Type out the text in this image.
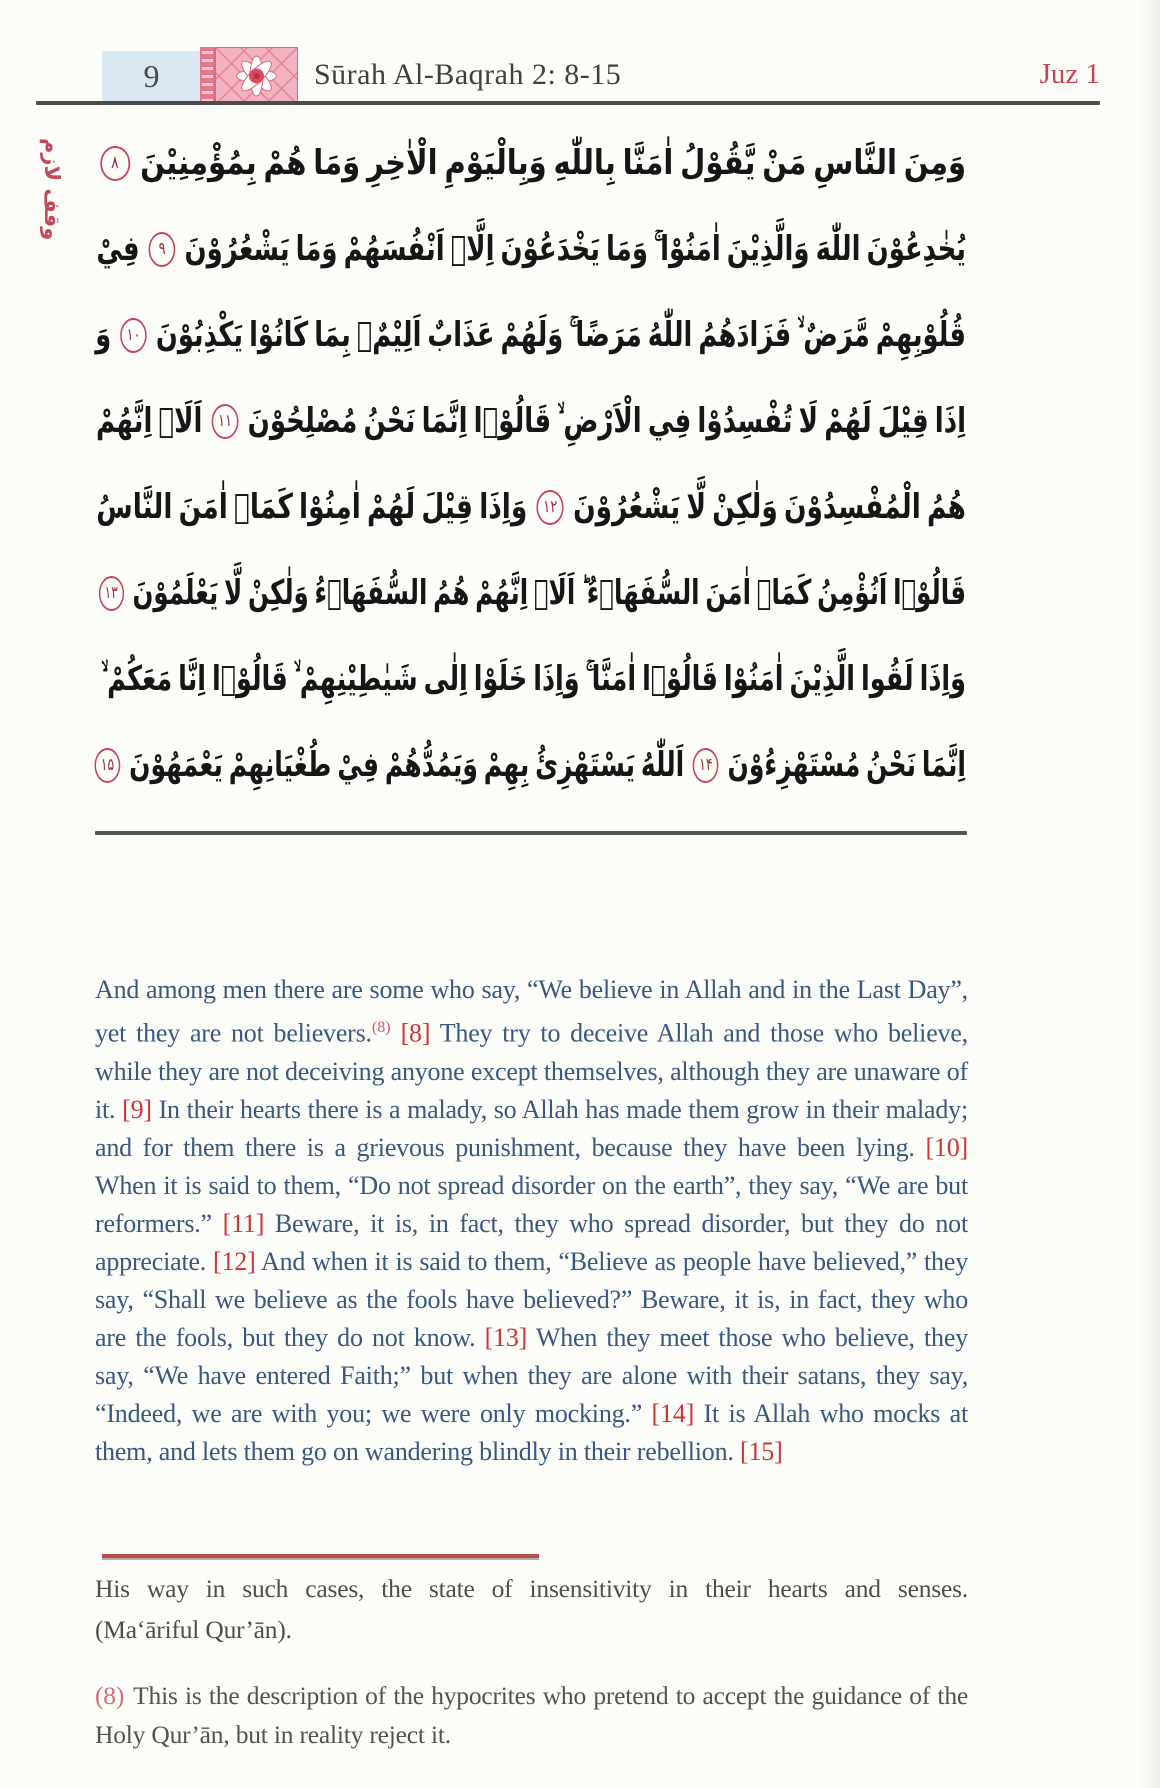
9	Sūrah Al-Baqrah 2: 8-15	Juz 1
وقف لازم	وَمِنَ
النَّاسِ
مَنْ
يَّقُوْلُ
اٰمَنَّا
بِاللّٰهِ
وَبِالْيَوْمِ
الْاٰخِرِ
وَمَا
هُمْ
بِمُؤْمِنِيْنَ
۸
يُخٰدِعُوْنَ
اللّٰهَ
وَالَّذِيْنَ
اٰمَنُوْا
وَمَا
يَخْدَعُوْنَ
اِلَّاۤ
اَنْفُسَهُمْ
وَمَا
يَشْعُرُوْنَ
۹
فِيْ
قُلُوْبِهِمْ
مَّرَضٌ
فَزَادَهُمُ
اللّٰهُ
مَرَضًا
وَلَهُمْ
عَذَابٌ
اَلِيْمٌۢ
بِمَا
كَانُوْا
يَكْذِبُوْنَ
۱۰
وَ
اِذَا
قِيْلَ
لَهُمْ
لَا
تُفْسِدُوْا
فِي
الْاَرْضِ
قَالُوْۤا
اِنَّمَا
نَحْنُ
مُصْلِحُوْنَ
۱۱
اَلَاۤ
اِنَّهُمْ
هُمُ
الْمُفْسِدُوْنَ
وَلٰكِنْ
لَّا
يَشْعُرُوْنَ
۱۲
وَاِذَا
قِيْلَ
لَهُمْ
اٰمِنُوْا
كَمَاۤ
اٰمَنَ
النَّاسُ
قَالُوْۤا
اَنُؤْمِنُ
كَمَاۤ
اٰمَنَ
السُّفَهَاۤءُ
اَلَاۤ
اِنَّهُمْ
هُمُ
السُّفَهَاۤءُ
وَلٰكِنْ
لَّا
يَعْلَمُوْنَ
۱۳
وَاِذَا
لَقُوا
الَّذِيْنَ
اٰمَنُوْا
قَالُوْۤا
اٰمَنَّا
وَاِذَا
خَلَوْا
اِلٰى
شَيٰطِيْنِهِمْ
قَالُوْۤا
اِنَّا
مَعَكُمْ
اِنَّمَا
نَحْنُ
مُسْتَهْزِءُوْنَ
۱۴
اَللّٰهُ
يَسْتَهْزِئُ
بِهِمْ
وَيَمُدُّهُمْ
فِيْ
طُغْيَانِهِمْ
يَعْمَهُوْنَ
۱۵

And among men there are some who say, “We believe in Allah and in the Last Day”, yet they are not believers.$^{(8)}$ [8] They try to deceive Allah and those who believe, while they are not deceiving anyone except themselves, although they are unaware of it. [9] In their hearts there is a malady, so Allah has made them grow in their malady; and for them there is a grievous punishment, because they have been lying. [10] When it is said to them, “Do not spread disorder on the earth”, they say, “We are but reformers.” [11] Beware, it is, in fact, they who spread disorder, but they do not appreciate. [12] And when it is said to them, “Believe as people have believed,” they say, “Shall we believe as the fools have believed?” Beware, it is, in fact, they who are the fools, but they do not know. [13] When they meet those who believe, they say, “We have entered Faith;” but when they are alone with their satans, they say, “Indeed, we are with you; we were only mocking.” [14] It is Allah who mocks at them, and lets them go on wandering blindly in their rebellion. [15]

His way in such cases, the state of insensitivity in their hearts and senses.
(Ma‘āriful Qur’ān).

(8) This is the description of the hypocrites who pretend to accept the guidance of the Holy Qur’ān, but in reality reject it.
